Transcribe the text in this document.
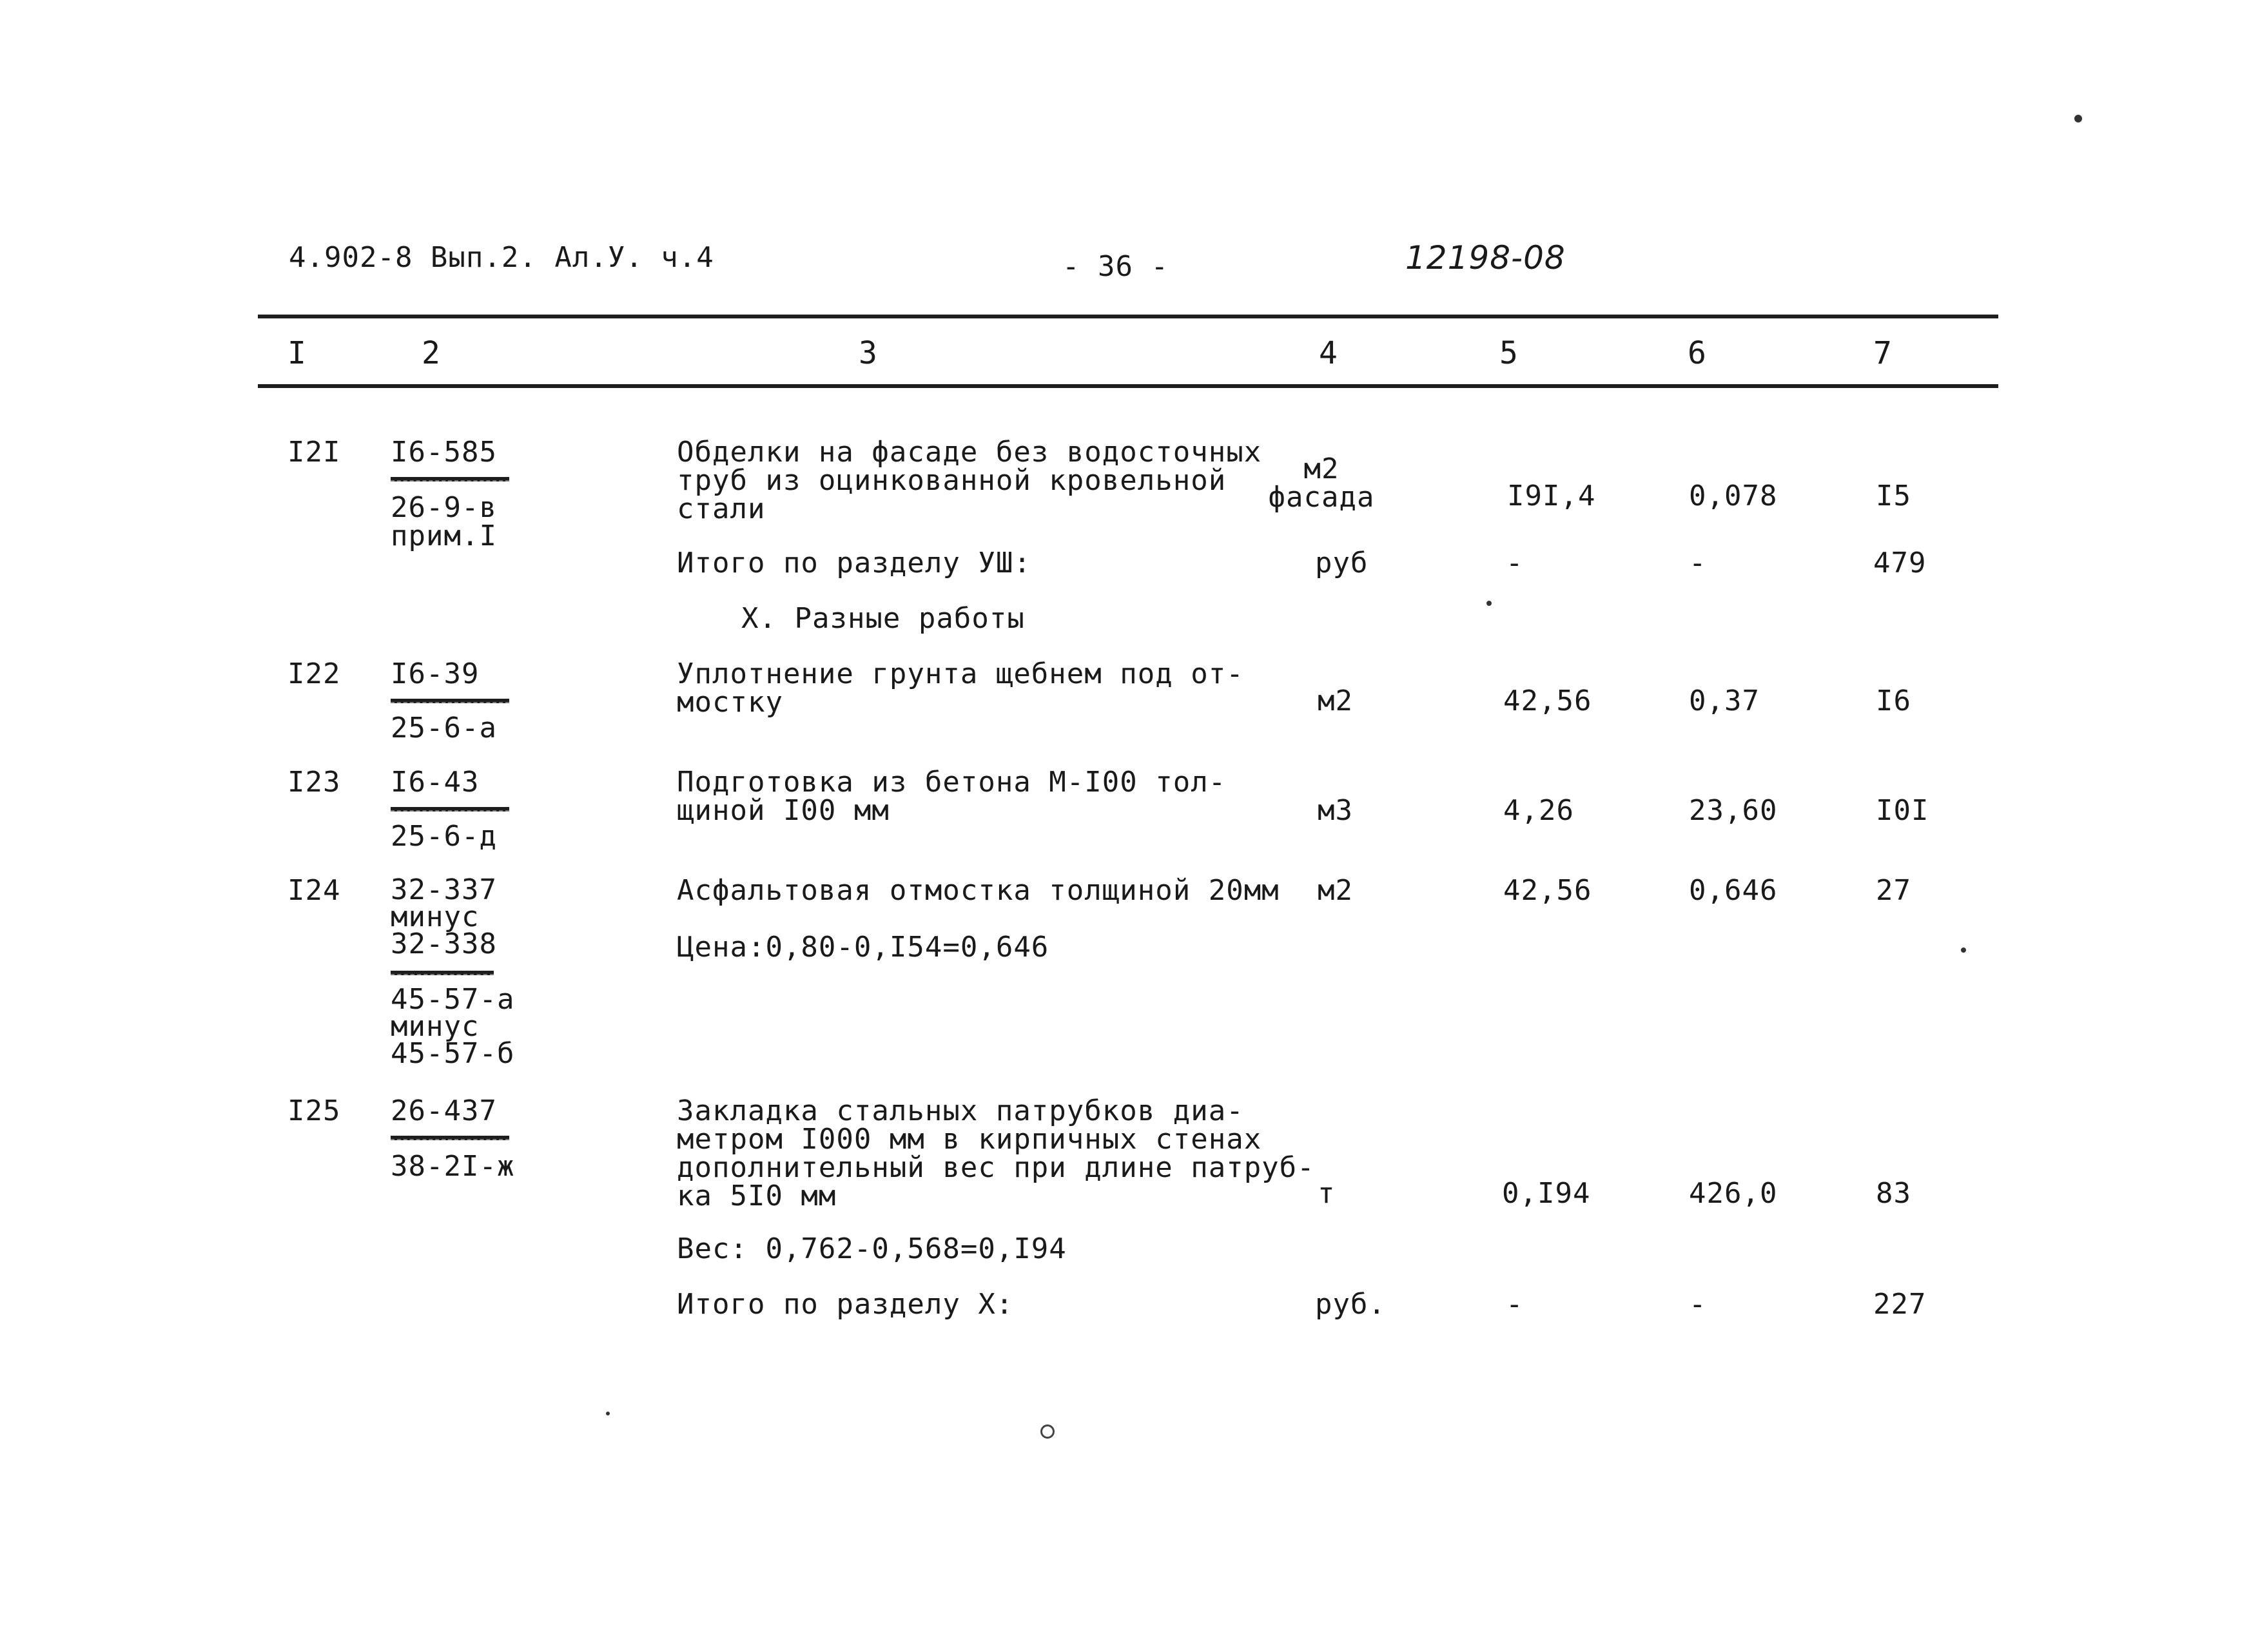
4.902-8 Вып.2. Ал.У. ч.4	- 36 -	12198-08
I	2	3	4	5	6	7
I2I I6-585
26-9-в
прим.I
Обделки на фасаде без водосточных
труб из оцинкованной кровельной
стали
м2
фасада	I9I,4	0,078	I5
Итого по разделу УШ:	руб	-	-	479
X. Разные работы
I22 I6-39
25-6-а
Уплотнение грунта щебнем под от-
мостку	м2	42,56	0,37	I6
I23 I6-43
25-6-д
Подготовка из бетона М-I00 тол-
щиной I00 мм	м3	4,26	23,60	I0I
I24 32-337
минус
32-338
45-57-а
минус
45-57-б
Асфальтовая отмостка толщиной 20мм
Цена:0,80-0,I54=0,646
м2	42,56	0,646	27
I25 26-437
38-2I-ж
Закладка стальных патрубков диа-
метром I000 мм в кирпичных стенах
дополнительный вес при длине патруб-
ка 5I0 мм
Вес: 0,762-0,568=0,I94
т	0,I94	426,0	83
Итого по разделу X:	руб.	-	-	227
